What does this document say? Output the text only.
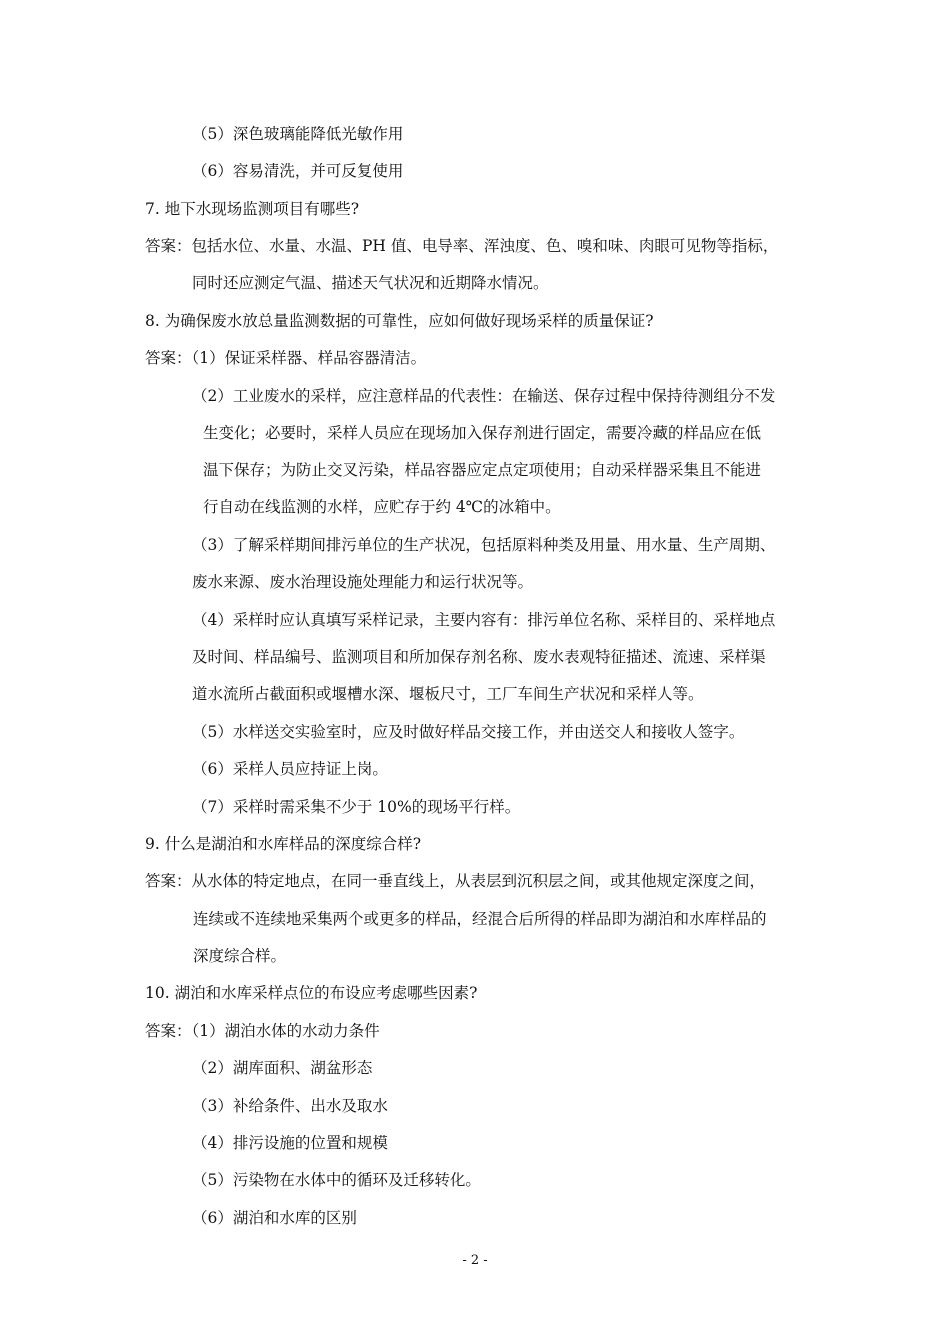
（5）深色玻璃能降低光敏作用
（6）容易清洗，并可反复使用
7. 地下水现场监测项目有哪些?
答案：包括水位、水量、水温、PH 值、电导率、浑浊度、色、嗅和味、肉眼可见物等指标，
同时还应测定气温、描述天气状况和近期降水情况。
8. 为确保废水放总量监测数据的可靠性，应如何做好现场采样的质量保证?
答案：（1）保证采样器、样品容器清洁。
（2）工业废水的采样，应注意样品的代表性：在输送、保存过程中保持待测组分不发
生变化；必要时，采样人员应在现场加入保存剂进行固定，需要冷藏的样品应在低
温下保存；为防止交叉污染，样品容器应定点定项使用；自动采样器采集且不能进
行自动在线监测的水样，应贮存于约 4℃的冰箱中。
（3）了解采样期间排污单位的生产状况，包括原料种类及用量、用水量、生产周期、
废水来源、废水治理设施处理能力和运行状况等。
（4）采样时应认真填写采样记录，主要内容有：排污单位名称、采样目的、采样地点
及时间、样品编号、监测项目和所加保存剂名称、废水表观特征描述、流速、采样渠
道水流所占截面积或堰槽水深、堰板尺寸，工厂车间生产状况和采样人等。
（5）水样送交实验室时，应及时做好样品交接工作，并由送交人和接收人签字。
（6）采样人员应持证上岗。
（7）采样时需采集不少于 10%的现场平行样。
9. 什么是湖泊和水库样品的深度综合样?
答案：从水体的特定地点，在同一垂直线上，从表层到沉积层之间，或其他规定深度之间，
连续或不连续地采集两个或更多的样品，经混合后所得的样品即为湖泊和水库样品的
深度综合样。
10. 湖泊和水库采样点位的布设应考虑哪些因素?
答案：（1）湖泊水体的水动力条件
（2）湖库面积、湖盆形态
（3）补给条件、出水及取水
（4）排污设施的位置和规模
（5）污染物在水体中的循环及迁移转化。
（6）湖泊和水库的区别
- 2 -
